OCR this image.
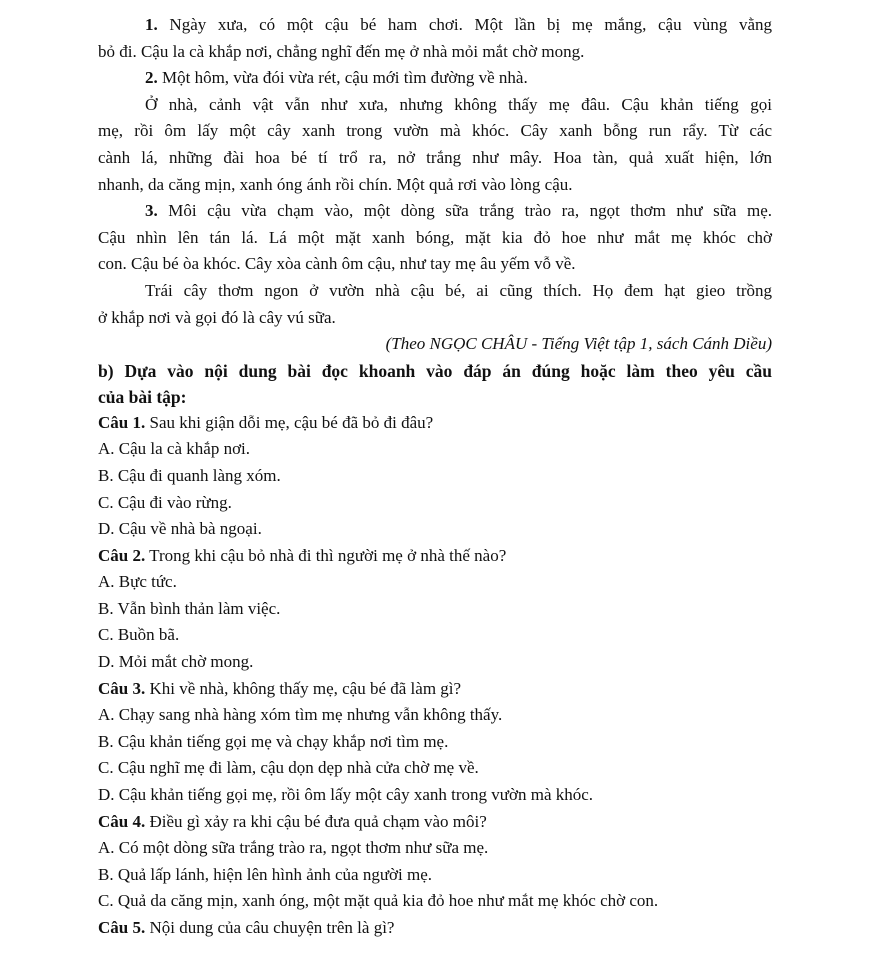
1. Ngày xưa, có một cậu bé ham chơi. Một lần bị mẹ mắng, cậu vùng vằng
bỏ đi. Cậu la cà khắp nơi, chẳng nghĩ đến mẹ ở nhà mỏi mắt chờ mong.
2. Một hôm, vừa đói vừa rét, cậu mới tìm đường về nhà.
Ở nhà, cảnh vật vẫn như xưa, nhưng không thấy mẹ đâu. Cậu khản tiếng gọi
mẹ, rồi ôm lấy một cây xanh trong vườn mà khóc. Cây xanh bỗng run rẩy. Từ các
cành lá, những đài hoa bé tí trổ ra, nở trắng như mây. Hoa tàn, quả xuất hiện, lớn
nhanh, da căng mịn, xanh óng ánh rồi chín. Một quả rơi vào lòng cậu.
3. Môi cậu vừa chạm vào, một dòng sữa trắng trào ra, ngọt thơm như sữa mẹ.
Cậu nhìn lên tán lá. Lá một mặt xanh bóng, mặt kia đỏ hoe như mắt mẹ khóc chờ
con. Cậu bé òa khóc. Cây xòa cành ôm cậu, như tay mẹ âu yếm vỗ về.
Trái cây thơm ngon ở vườn nhà cậu bé, ai cũng thích. Họ đem hạt gieo trồng
ở khắp nơi và gọi đó là cây vú sữa.
(Theo NGỌC CHÂU - Tiếng Việt tập 1, sách Cánh Diều)
b) Dựa vào nội dung bài đọc khoanh vào đáp án đúng hoặc làm theo yêu cầu
của bài tập:
Câu 1. Sau khi giận dỗi mẹ, cậu bé đã bỏ đi đâu?
A. Cậu la cà khắp nơi.
B. Cậu đi quanh làng xóm.
C. Cậu đi vào rừng.
D. Cậu về nhà bà ngoại.
Câu 2. Trong khi cậu bỏ nhà đi thì người mẹ ở nhà thế nào?
A. Bực tức.
B. Vẫn bình thản làm việc.
C. Buồn bã.
D. Mỏi mắt chờ mong.
Câu 3. Khi về nhà, không thấy mẹ, cậu bé đã làm gì?
A. Chạy sang nhà hàng xóm tìm mẹ nhưng vẫn không thấy.
B. Cậu khản tiếng gọi mẹ và chạy khắp nơi tìm mẹ.
C. Cậu nghĩ mẹ đi làm, cậu dọn dẹp nhà cửa chờ mẹ về.
D. Cậu khản tiếng gọi mẹ, rồi ôm lấy một cây xanh trong vườn mà khóc.
Câu 4. Điều gì xảy ra khi cậu bé đưa quả chạm vào môi?
A. Có một dòng sữa trắng trào ra, ngọt thơm như sữa mẹ.
B. Quả lấp lánh, hiện lên hình ảnh của người mẹ.
C. Quả da căng mịn, xanh óng, một mặt quả kia đỏ hoe như mắt mẹ khóc chờ con.
Câu 5. Nội dung của câu chuyện trên là gì?
